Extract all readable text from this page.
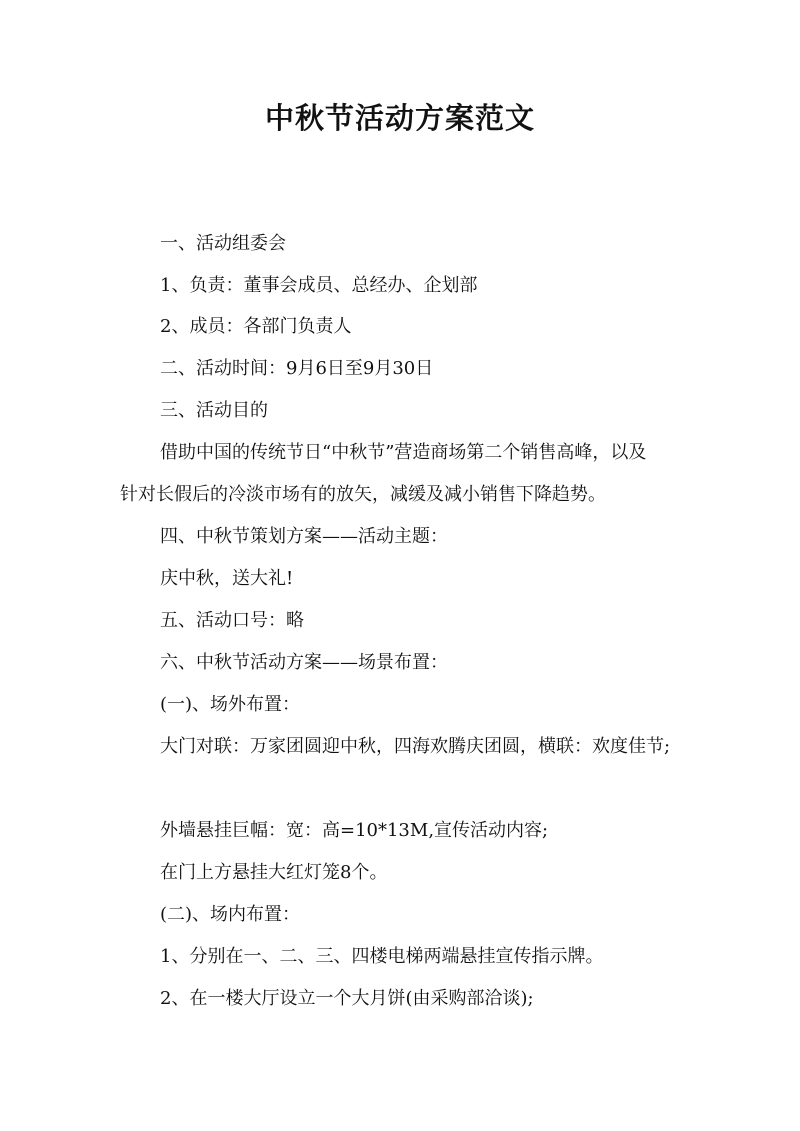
中秋节活动方案范文
一、活动组委会
1、负责：董事会成员、总经办、企划部
2、成员：各部门负责人
二、活动时间：9月6日至9月30日
三、活动目的
借助中国的传统节日“中秋节”营造商场第二个销售高峰，以及
针对长假后的冷淡市场有的放矢，减缓及减小销售下降趋势。
四、中秋节策划方案——活动主题：
庆中秋，送大礼!
五、活动口号：略
六、中秋节活动方案——场景布置：
(一)、场外布置：
大门对联：万家团圆迎中秋，四海欢腾庆团圆，横联：欢度佳节;
外墙悬挂巨幅：宽：高=10*13M,宣传活动内容;
在门上方悬挂大红灯笼8个。
(二)、场内布置：
1、分别在一、二、三、四楼电梯两端悬挂宣传指示牌。
2、在一楼大厅设立一个大月饼(由采购部洽谈);
